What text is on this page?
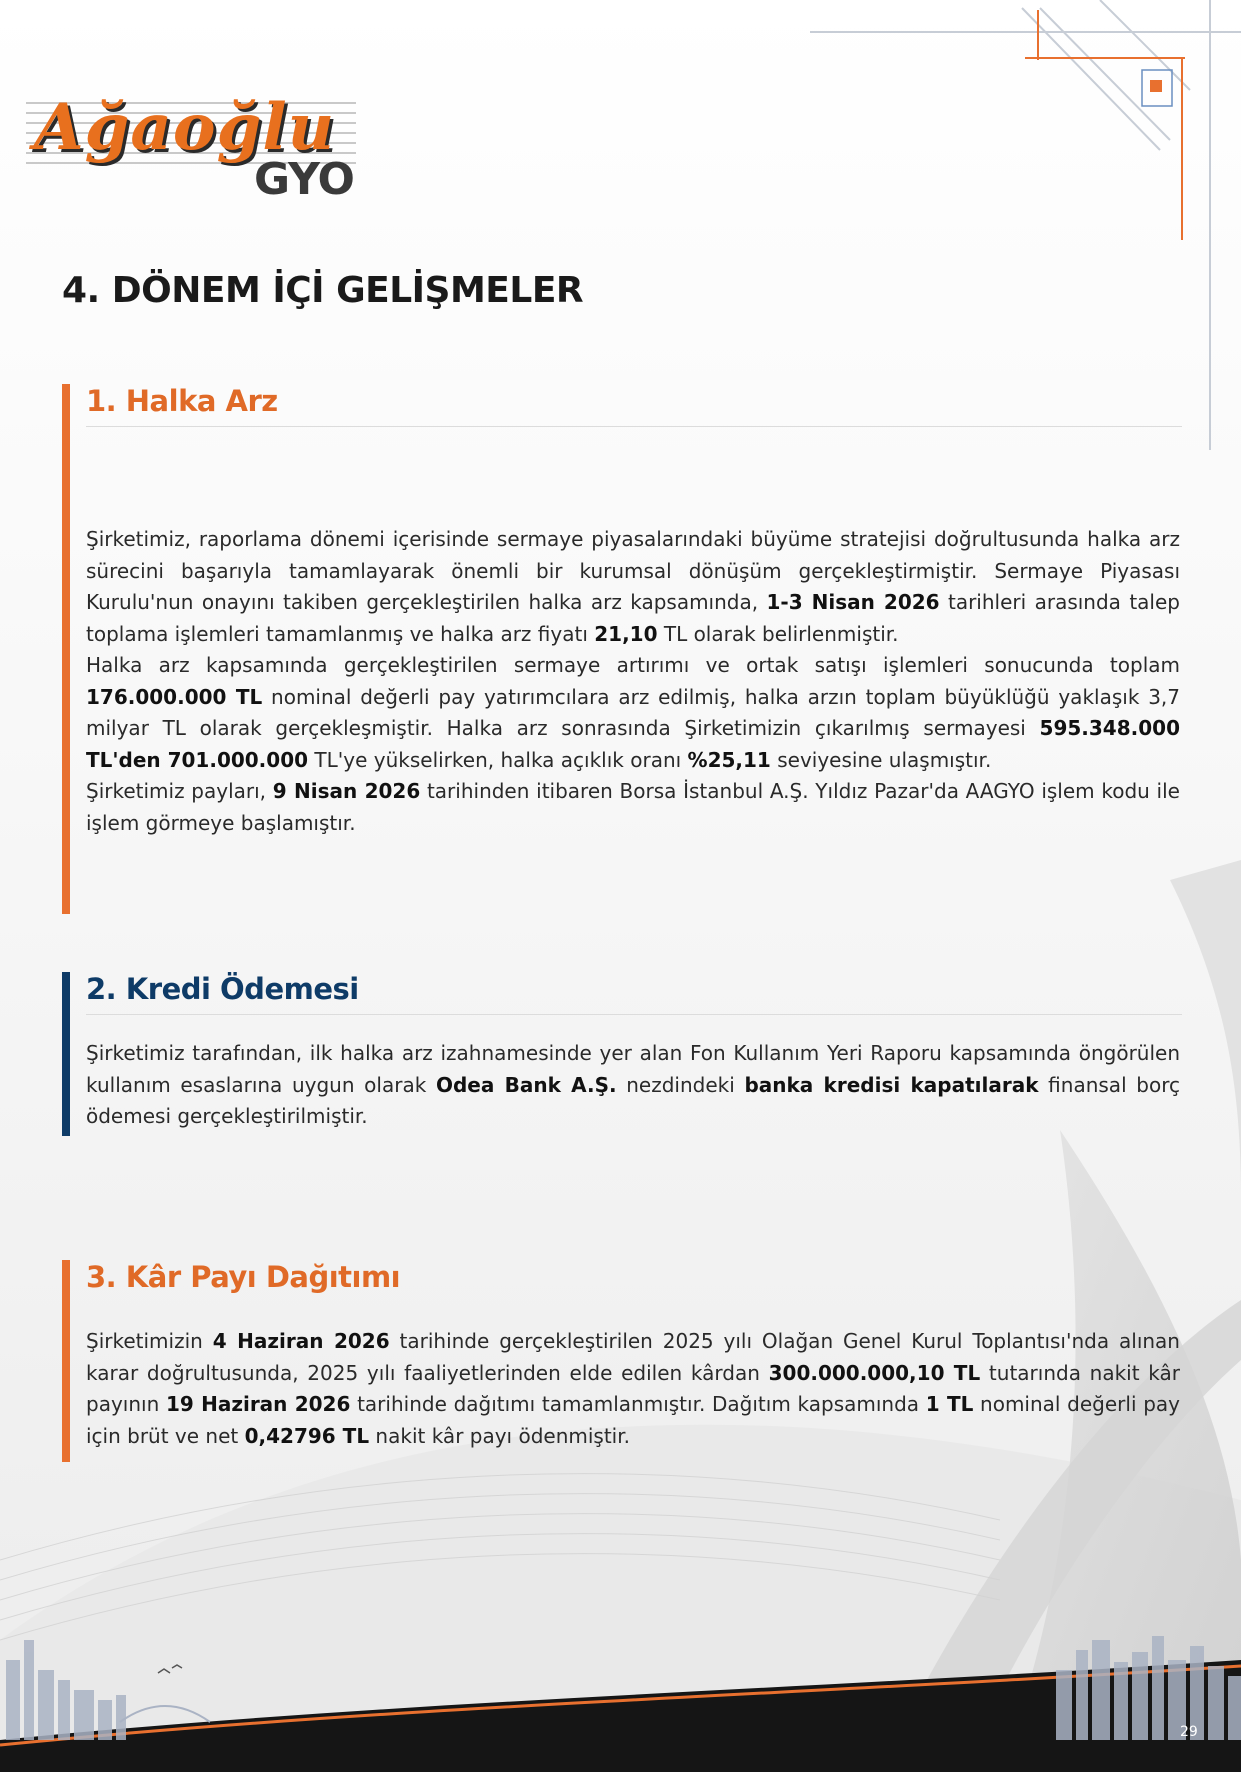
Ağaoğlu
GYO
4. DÖNEM İÇİ GELİŞMELER
1. Halka Arz

Şirketimiz, raporlama dönemi içerisinde sermaye piyasalarındaki büyüme stratejisi doğrultusunda halka arz sürecini başarıyla tamamlayarak önemli bir kurumsal dönüşüm gerçekleştirmiştir. Sermaye Piyasası Kurulu'nun onayını takiben gerçekleştirilen halka arz kapsamında, 1-3 Nisan 2026 tarihleri arasında talep toplama işlemleri tamamlanmış ve halka arz fiyatı 21,10 TL olarak belirlenmiştir.

Halka arz kapsamında gerçekleştirilen sermaye artırımı ve ortak satışı işlemleri sonucunda toplam 176.000.000 TL nominal değerli pay yatırımcılara arz edilmiş, halka arzın toplam büyüklüğü yaklaşık 3,7 milyar TL olarak gerçekleşmiştir. Halka arz sonrasında Şirketimizin çıkarılmış sermayesi 595.348.000 TL'den 701.000.000 TL'ye yükselirken, halka açıklık oranı %25,11 seviyesine ulaşmıştır.

Şirketimiz payları, 9 Nisan 2026 tarihinden itibaren Borsa İstanbul A.Ş. Yıldız Pazar'da AAGYO işlem kodu ile işlem görmeye başlamıştır.

2. Kredi Ödemesi

Şirketimiz tarafından, ilk halka arz izahnamesinde yer alan Fon Kullanım Yeri Raporu kapsamında öngörülen kullanım esaslarına uygun olarak Odea Bank A.Ş. nezdindeki banka kredisi kapatılarak finansal borç ödemesi gerçekleştirilmiştir.

3. Kâr Payı Dağıtımı

Şirketimizin 4 Haziran 2026 tarihinde gerçekleştirilen 2025 yılı Olağan Genel Kurul Toplantısı'nda alınan karar doğrultusunda, 2025 yılı faaliyetlerinden elde edilen kârdan 300.000.000,10 TL tutarında nakit kâr payının 19 Haziran 2026 tarihinde dağıtımı tamamlanmıştır. Dağıtım kapsamında 1 TL nominal değerli pay için brüt ve net 0,42796 TL nakit kâr payı ödenmiştir.

29
